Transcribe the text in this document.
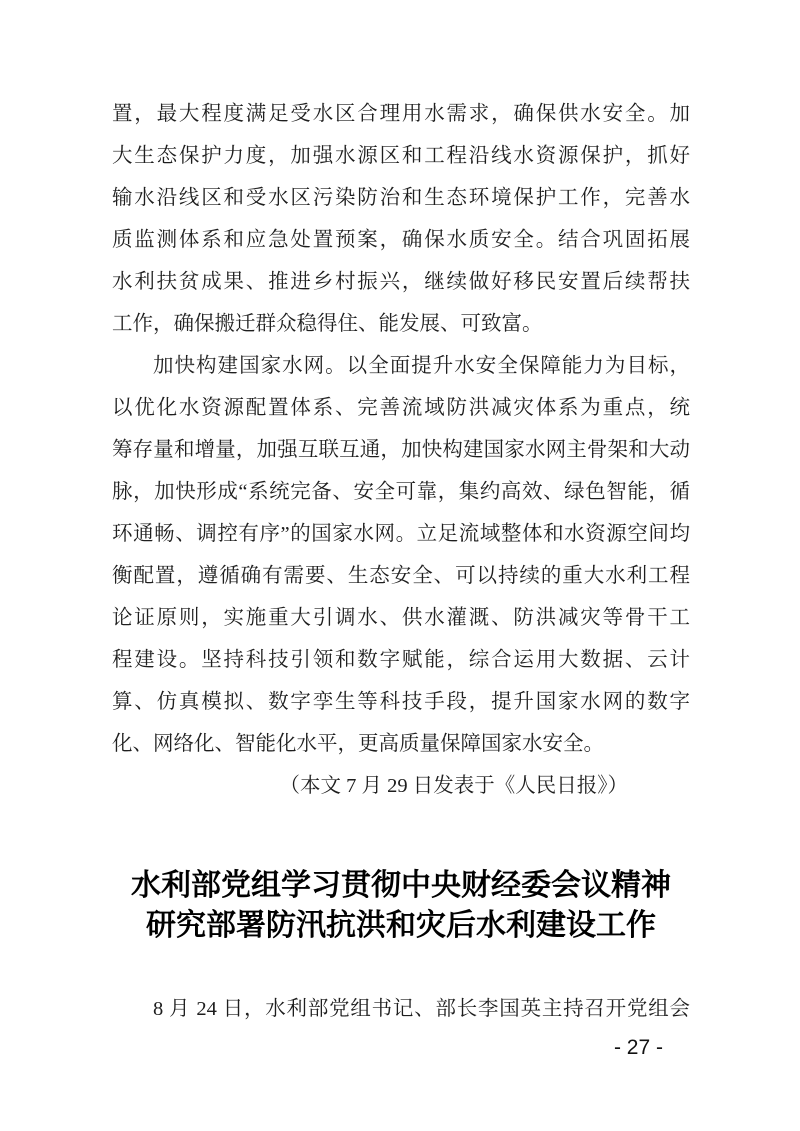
置，最大程度满足受水区合理用水需求，确保供水安全。加
大生态保护力度，加强水源区和工程沿线水资源保护，抓好
输水沿线区和受水区污染防治和生态环境保护工作，完善水
质监测体系和应急处置预案，确保水质安全。结合巩固拓展
水利扶贫成果、推进乡村振兴，继续做好移民安置后续帮扶
工作，确保搬迁群众稳得住、能发展、可致富。
加快构建国家水网。以全面提升水安全保障能力为目标，
以优化水资源配置体系、完善流域防洪减灾体系为重点，统
筹存量和增量，加强互联互通，加快构建国家水网主骨架和大动
脉，加快形成“系统完备、安全可靠，集约高效、绿色智能，循
环通畅、调控有序”的国家水网。立足流域整体和水资源空间均
衡配置，遵循确有需要、生态安全、可以持续的重大水利工程
论证原则，实施重大引调水、供水灌溉、防洪减灾等骨干工
程建设。坚持科技引领和数字赋能，综合运用大数据、云计
算、仿真模拟、数字孪生等科技手段，提升国家水网的数字
化、网络化、智能化水平，更高质量保障国家水安全。
（本文 7 月 29 日发表于《人民日报》）
水利部党组学习贯彻中央财经委会议精神
研究部署防汛抗洪和灾后水利建设工作
8 月 24 日，水利部党组书记、部长李国英主持召开党组会
- 27 -
